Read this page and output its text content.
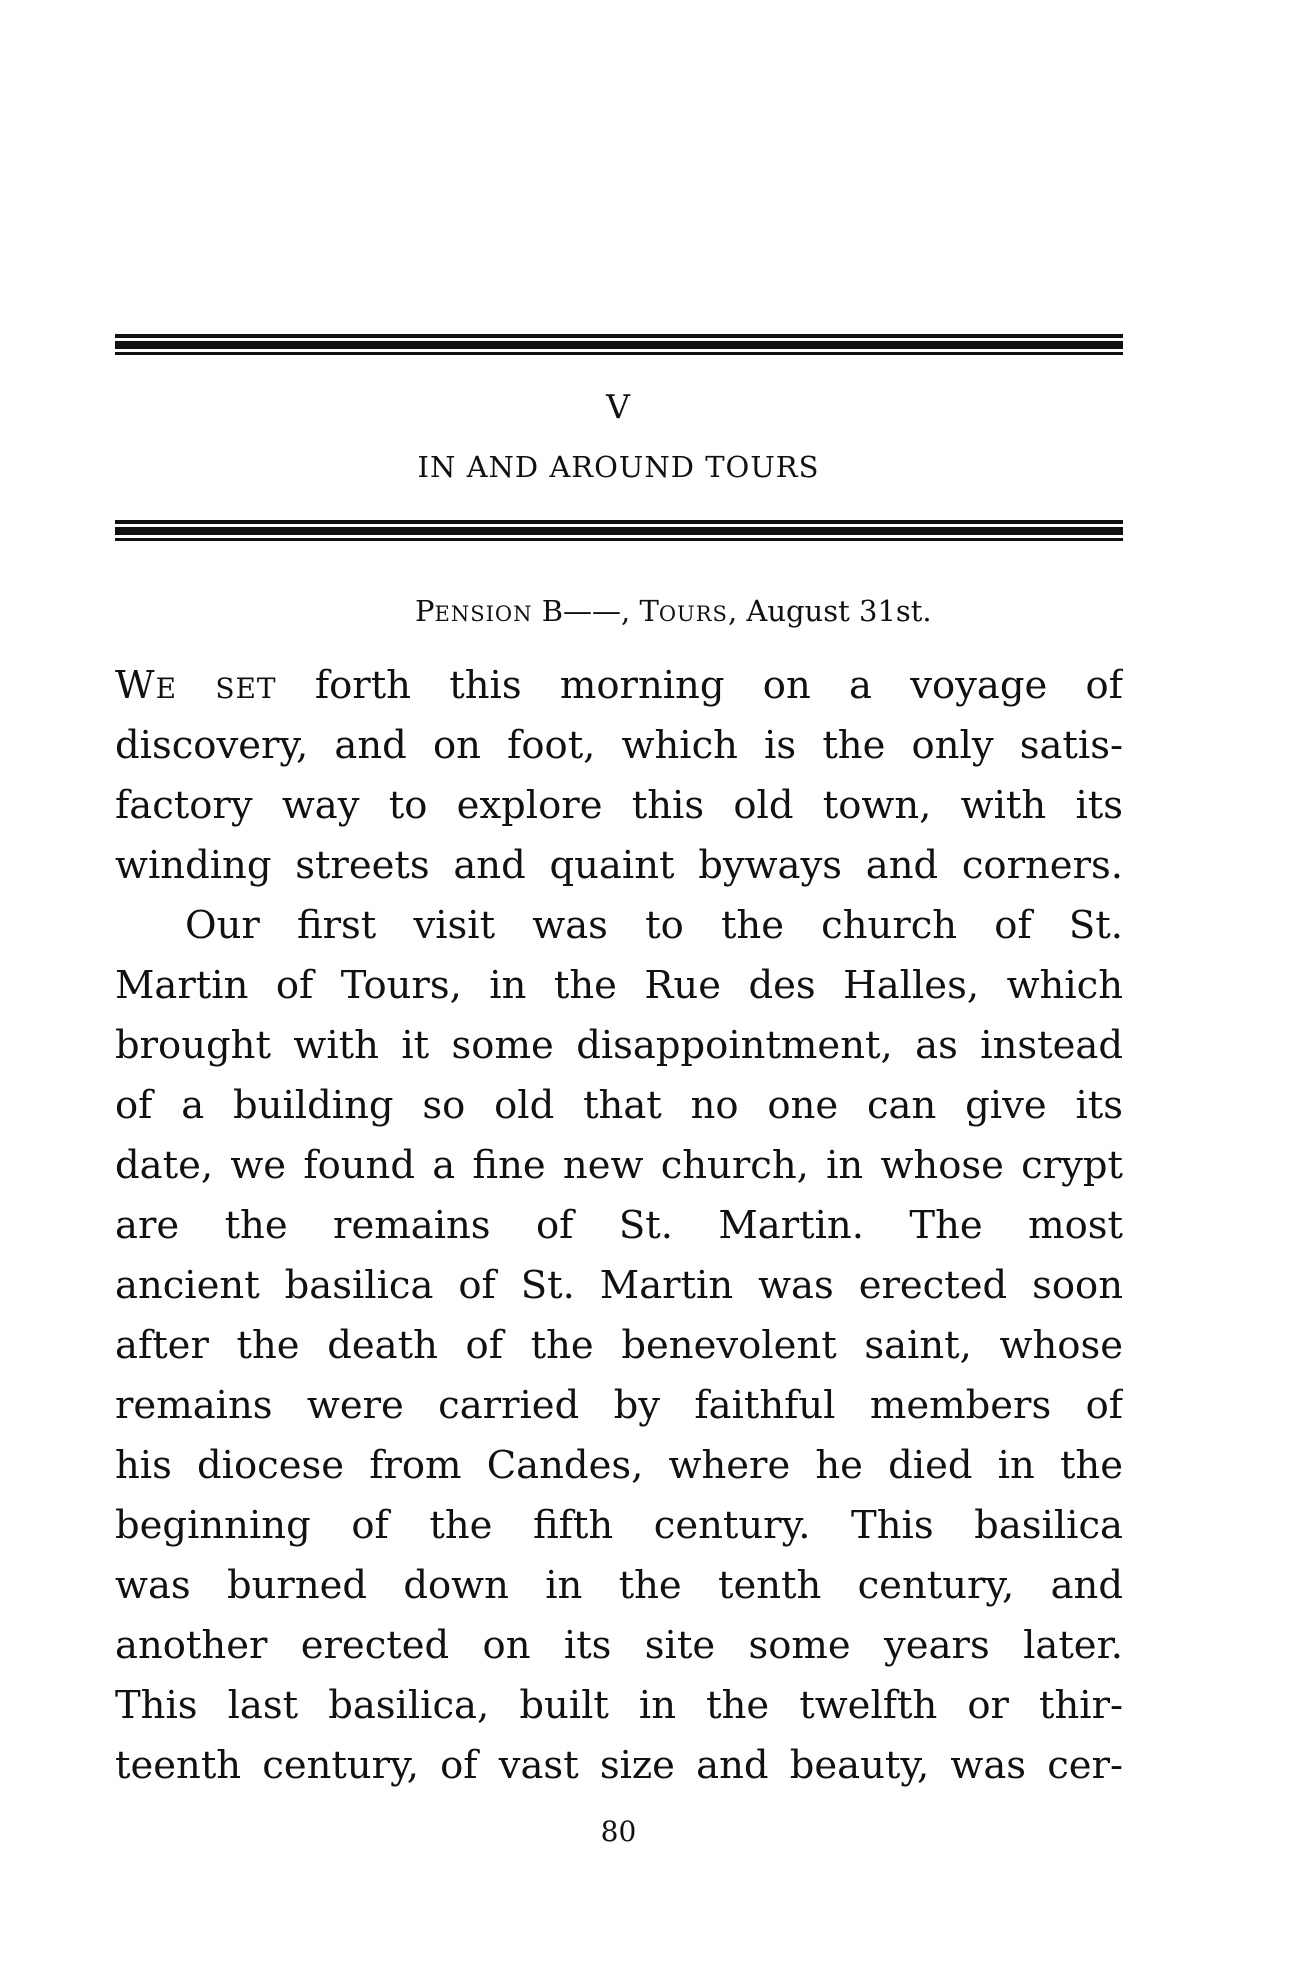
V
IN AND AROUND TOURS
PENSION B——, TOURS, August 31st.
WE SET forth this morning on a voyage of
discovery, and on foot, which is the only satis-
factory way to explore this old town, with its
winding streets and quaint byways and corners.
Our first visit was to the church of St.
Martin of Tours, in the Rue des Halles, which
brought with it some disappointment, as instead
of a building so old that no one can give its
date, we found a fine new church, in whose crypt
are the remains of St. Martin. The most
ancient basilica of St. Martin was erected soon
after the death of the benevolent saint, whose
remains were carried by faithful members of
his diocese from Candes, where he died in the
beginning of the fifth century. This basilica
was burned down in the tenth century, and
another erected on its site some years later.
This last basilica, built in the twelfth or thir-
teenth century, of vast size and beauty, was cer-
80
